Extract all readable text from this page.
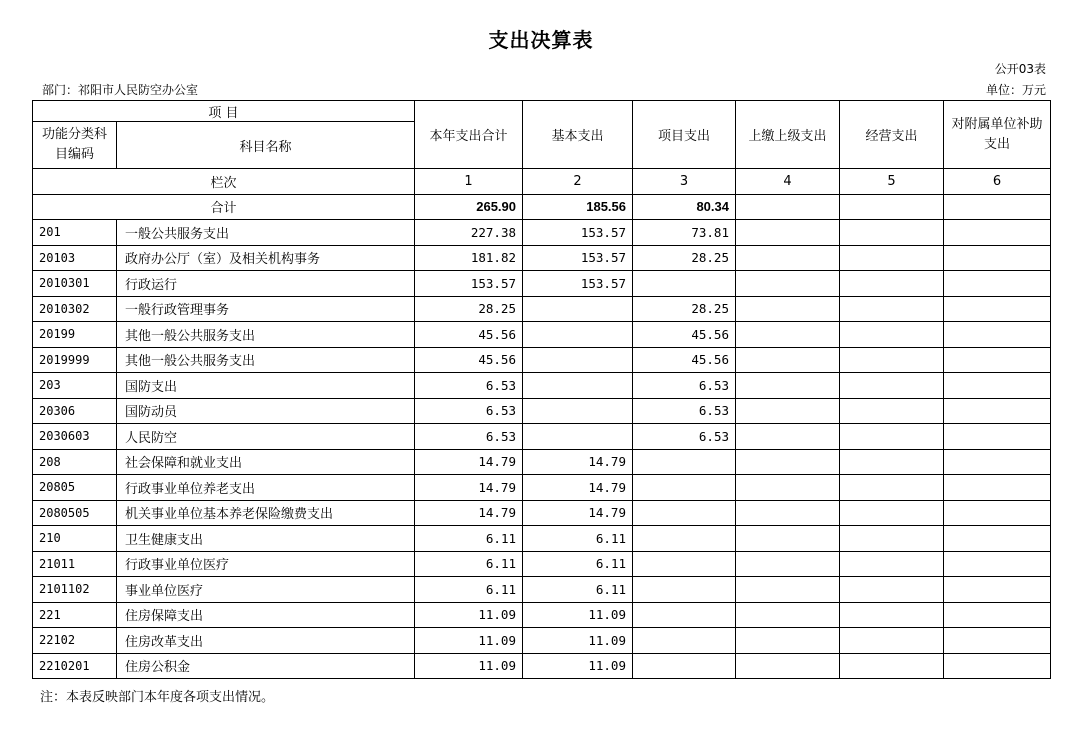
支出决算表
公开03表
部门：祁阳市人民防空办公室	单位：万元
项 目		本年支出合计	基本支出	项目支出	上缴上级支出	经营支出	对附属单位补助支出
功能分类科目编码	科目名称						
栏次		1	2	3	4	5	6
合计		265.90	185.56	80.34			
201	一般公共服务支出	227.38	153.57	73.81			
20103	政府办公厅（室）及相关机构事务	181.82	153.57	28.25			
2010301	行政运行	153.57	153.57				
2010302	一般行政管理事务	28.25		28.25			
20199	其他一般公共服务支出	45.56		45.56			
2019999	其他一般公共服务支出	45.56		45.56			
203	国防支出	6.53		6.53			
20306	国防动员	6.53		6.53			
2030603	人民防空	6.53		6.53			
208	社会保障和就业支出	14.79	14.79				
20805	行政事业单位养老支出	14.79	14.79				
2080505	机关事业单位基本养老保险缴费支出	14.79	14.79				
210	卫生健康支出	6.11	6.11				
21011	行政事业单位医疗	6.11	6.11				
2101102	事业单位医疗	6.11	6.11				
221	住房保障支出	11.09	11.09				
22102	住房改革支出	11.09	11.09				
2210201	住房公积金	11.09	11.09				
注：本表反映部门本年度各项支出情况。
